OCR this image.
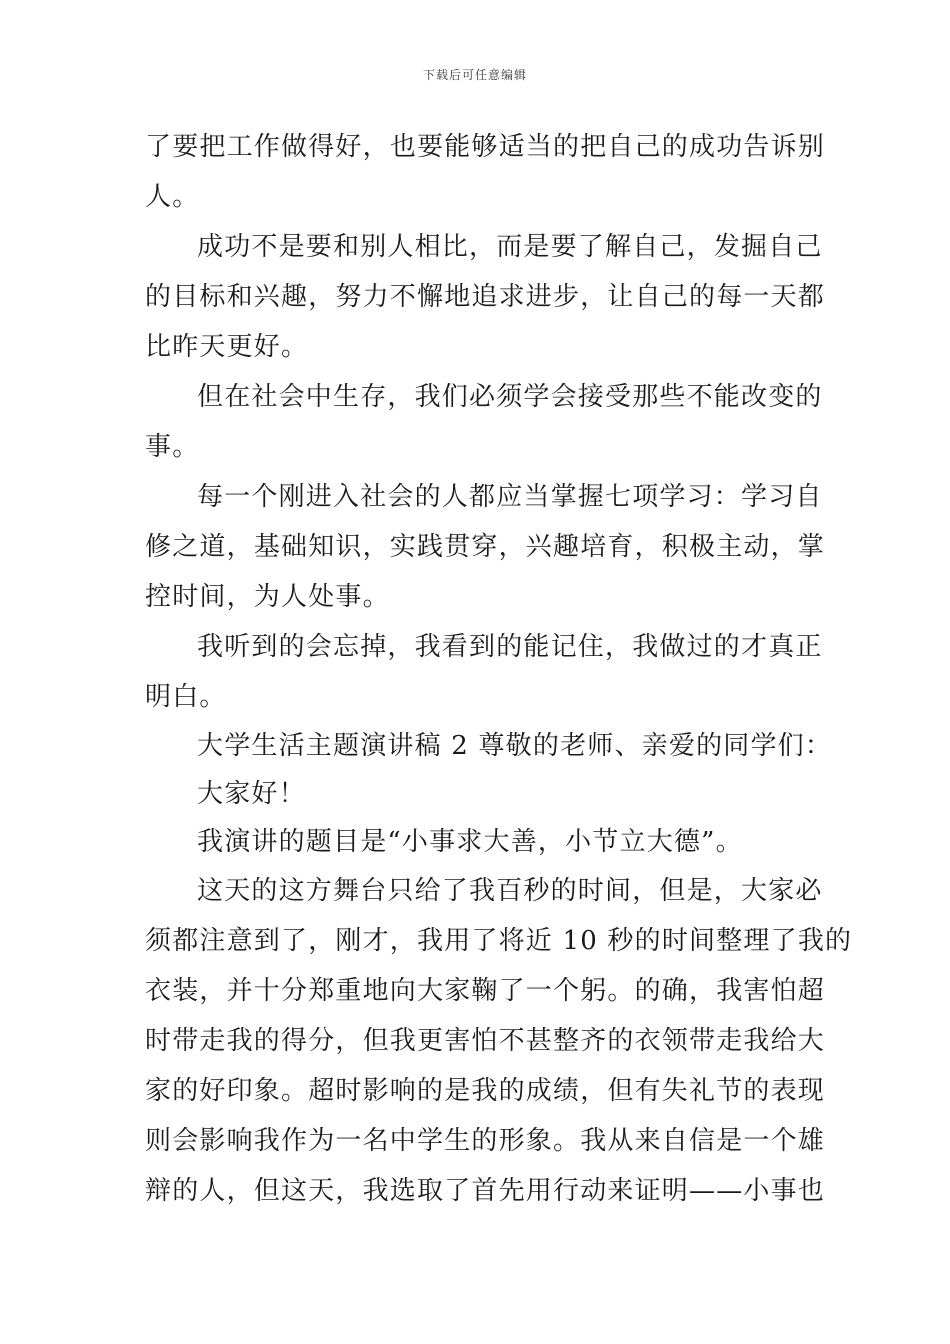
下载后可任意编辑
了要把工作做得好，也要能够适当的把自己的成功告诉别
人。
成功不是要和别人相比，而是要了解自己，发掘自己
的目标和兴趣，努力不懈地追求进步，让自己的每一天都
比昨天更好。
但在社会中生存，我们必须学会接受那些不能改变的
事。
每一个刚进入社会的人都应当掌握七项学习：学习自
修之道，基础知识，实践贯穿，兴趣培育，积极主动，掌
控时间，为人处事。
我听到的会忘掉，我看到的能记住，我做过的才真正
明白。
大学生活主题演讲稿 2 尊敬的老师、亲爱的同学们：
大家好！
我演讲的题目是“小事求大善，小节立大德”。
这天的这方舞台只给了我百秒的时间，但是，大家必
须都注意到了，刚才，我用了将近 10 秒的时间整理了我的
衣装，并十分郑重地向大家鞠了一个躬。的确，我害怕超
时带走我的得分，但我更害怕不甚整齐的衣领带走我给大
家的好印象。超时影响的是我的成绩，但有失礼节的表现
则会影响我作为一名中学生的形象。我从来自信是一个雄
辩的人，但这天，我选取了首先用行动来证明——小事也
